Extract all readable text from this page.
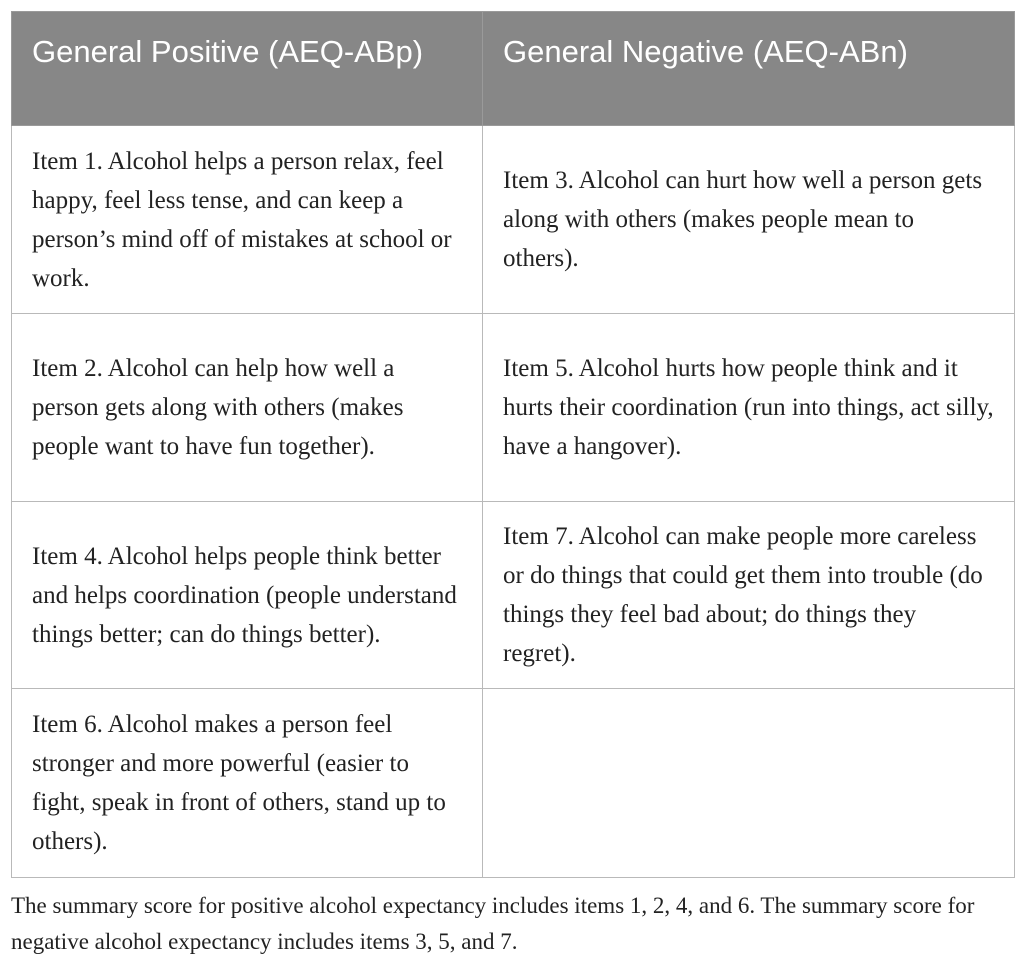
General Positive (AEQ-ABp)	General Negative (AEQ-ABn)
Item 1. Alcohol helps a person relax, feel happy, feel less tense, and can keep a person’s mind off of mistakes at school or work.	Item 3. Alcohol can hurt how well a person gets along with others (makes people mean to others).
Item 2. Alcohol can help how well a person gets along with others (makes people want to have fun together).	Item 5. Alcohol hurts how people think and it hurts their coordination (run into things, act silly, have a hangover).
Item 4. Alcohol helps people think better and helps coordination (people understand things better; can do things better).	Item 7. Alcohol can make people more careless or do things that could get them into trouble (do things they feel bad about; do things they regret).
Item 6. Alcohol makes a person feel stronger and more powerful (easier to fight, speak in front of others, stand up to others).	

The summary score for positive alcohol expectancy includes items 1, 2, 4, and 6. The summary score for negative alcohol expectancy includes items 3, 5, and 7.
